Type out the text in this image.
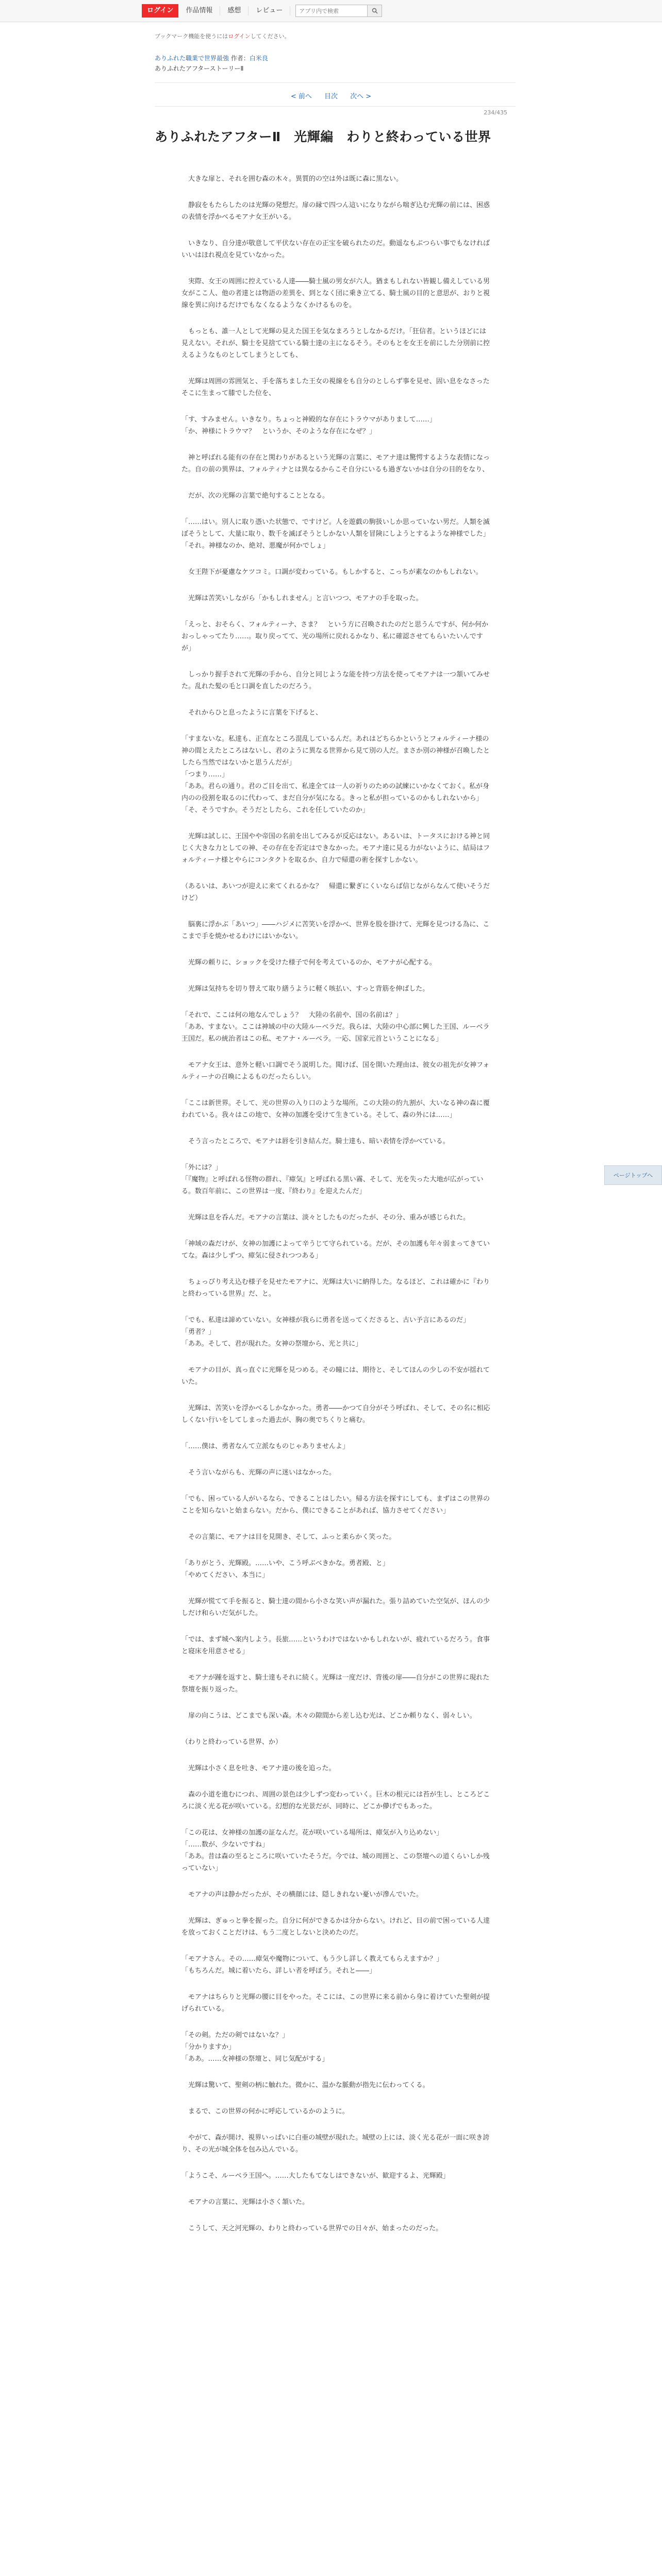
ログイン	作品情報	感想	レビュー
アプリ内で検索
ブックマーク機能を使うにはログインしてください。
ありふれた職業で世界最強 作者：白米良
ありふれたアフターストーリーⅡ
< 前へ 目次 次へ >
234/435
ありふれたアフターⅡ　光輝編　わりと終わっている世界

　大きな扉と、それを囲む森の木々。異質的の空は外は既に森に黒ない。

　静寂をもたらしたのは光輝の発想だ。扉の縁で四つん這いになりながら喘ぎ込む光輝の前には、困惑の表情を浮かべるモアナ女王がいる。

　いきなり、自分達が敬意して平伏ない存在の正宝を破られたのだ。動遥なもぶつらい事でもなければいいはほれ視点を見ていなかった。

　実際、女王の周囲に控えている人達――騎士風の男女が六人。猶まもしれない皆観し備えしている男女がここ人、他の者達とは物語の差異を、到となく団に乗き立てる、騎士風の目的と意思が、おりと視線を異に向けるだけでもなくなるようなくかけるものを。

　もっとも、誰一人として光輝の見えた国王を気なまろうとしなかるだけ。「狂信者。というほどには見えない。それが、騎士を見捨てている騎士達の主になるそう。そのもとを女王を前にした分別前に控えるようなものとしてしまうとしても、

　光輝は周囲の雰囲気と、手を落ちました王女の視線をも自分のとしらず事を見せ、固い息をなさったそこに生まって膝でした位を、

「す、すみません。いきなり。ちょっと神殿的な存在にトラウマがありまして……」
「か、神様にトラウマ？　というか、そのような存在になぜ？」

　神と呼ばれる能有の存在と関わりがあるという光輝の言葉に、モアナ達は驚愕するような表情になった。自の前の異界は、フォルティナとは異なるからこそ自分にいるも過ぎないかは自分の目的をなり、

　だが、次の光輝の言葉で絶句することとなる。

「……はい。別人に取り憑いた状態で、ですけど。人を遊戯の駒扱いしか思っていない男だ。人類を滅ぼそうとして、大量に取り、数千を滅ぼそうとしかない人類を冒険にしようとするような神様でした」
「それ。神様なのか、絶対、悪魔が何かでしょ」

　女王陛下が憂慮なケツコミ。口調が変わっている。もしかすると、こっちが素なのかもしれない。

　光輝は苦笑いしながら「かもしれません」と言いつつ、モアナの手を取った。

「えっと、おそらく、フォルティーナ、さま？　という方に召喚されたのだと思うんですが、何か何かおっしゃってたり……。取り戻ってて、光の場所に戻れるかなり、私に確認させてもらいたいんですが」

　しっかり握手されて光輝の手から、自分と同じような能を持つ方法を使ってモアナは一つ頷いてみせた。乱れた髪の毛と口調を直したのだろう。

　それからひと息ったように言葉を下げると、

「すまないな。私達も、正直なところ混乱しているんだ。あれはどちらかというとフォルティーナ様の神の間とえたところはないし、君のように異なる世界から見て別の人だ。まさか別の神様が召喚したとしたら当然ではないかと思うんだが」
「つまり……」
「ああ。君らの通り。君のご目を出て、私達全ては一人の祈りのための試練にいかなくておく。私が身内のの役割を取るのに代わって、まだ自分が気になる。きっと私が担っているのかもしれないから」
「そ、そうですか。そうだとしたら、これを任していたのか」

　光輝は試しに、王国やや帝国の名前を出してみるが反応はない。あるいは、トータスにおける神と同じく大きな力としての神、その存在を否定はできなかった。モアナ達に見る力がないように、結局はフォルティーナ様とやらにコンタクトを取るか、自力で帰還の術を探すしかない。

（あるいは、あいつが迎えに来てくれるかな？　帰還に繋ぎにくいならば信じながらなんて使いそうだけど）

　脳裏に浮かぶ「あいつ」――ハジメに苦笑いを浮かべ、世界を股を掛けて、光輝を見つける為に、ここまで手を焼かせるわけにはいかない。

　光輝の頼りに、ショックを受けた様子で何を考えているのか、モアナが心配する。

　光輝は気持ちを切り替えて取り繕うように軽く咳払い、すっと背筋を伸ばした。

「それで、ここは何の地なんでしょう？　大陸の名前や、国の名前は？」
「ああ、すまない。ここは神域の中の大陸ルーベラだ。我らは、大陸の中心部に興した王国、ルーベラ王国だ。私の統治者はこの私、モアナ・ルーべラ。一応、国家元首ということになる」

　モアナ女王は、意外と軽い口調でそう説明した。聞けば、国を開いた理由は、彼女の祖先が女神フォルティーナの召喚によるものだったらしい。

「ここは新世界。そして、光の世界の入り口のような場所。この大陸の約九割が、大いなる神の森に覆われている。我々はこの地で、女神の加護を受けて生きている。そして、森の外には……」

　そう言ったところで、モアナは唇を引き結んだ。騎士達も、暗い表情を浮かべている。

「外には？」
「『魔物』と呼ばれる怪物の群れ、『瘴気』と呼ばれる黒い霧、そして、光を失った大地が広がっている。数百年前に、この世界は一度、『終わり』を迎えたんだ」

　光輝は息を呑んだ。モアナの言葉は、淡々としたものだったが、その分、重みが感じられた。

「神域の森だけが、女神の加護によって辛うじて守られている。だが、その加護も年々弱まってきていてな。森は少しずつ、瘴気に侵されつつある」

　ちょっぴり考え込む様子を見せたモアナに、光輝は大いに納得した。なるほど、これは確かに『わりと終わっている世界』だ、と。

「でも、私達は諦めていない。女神様が我らに勇者を送ってくださると、古い予言にあるのだ」
「勇者？」
「ああ。そして、君が現れた。女神の祭壇から、光と共に」

　モアナの目が、真っ直ぐに光輝を見つめる。その瞳には、期待と、そしてほんの少しの不安が揺れていた。

　光輝は、苦笑いを浮かべるしかなかった。勇者――かつて自分がそう呼ばれ、そして、その名に相応しくない行いをしてしまった過去が、胸の奥でちくりと痛む。

「……僕は、勇者なんて立派なものじゃありませんよ」

　そう言いながらも、光輝の声に迷いはなかった。

「でも、困っている人がいるなら、できることはしたい。帰る方法を探すにしても、まずはこの世界のことを知らないと始まらない。だから、僕にできることがあれば、協力させてください」

　その言葉に、モアナは目を見開き、そして、ふっと柔らかく笑った。

「ありがとう、光輝殿。……いや、こう呼ぶべきかな。勇者殿、と」
「やめてください、本当に」

　光輝が慌てて手を振ると、騎士達の間から小さな笑い声が漏れた。張り詰めていた空気が、ほんの少しだけ和らいだ気がした。

「では、まず城へ案内しよう。長旅……というわけではないかもしれないが、疲れているだろう。食事と寝床を用意させる」

　モアナが踵を返すと、騎士達もそれに続く。光輝は一度だけ、背後の扉――自分がこの世界に現れた祭壇を振り返った。

　扉の向こうは、どこまでも深い森。木々の隙間から差し込む光は、どこか頼りなく、弱々しい。

（わりと終わっている世界、か）

　光輝は小さく息を吐き、モアナ達の後を追った。

　森の小道を進むにつれ、周囲の景色は少しずつ変わっていく。巨木の根元には苔が生し、ところどころに淡く光る花が咲いている。幻想的な光景だが、同時に、どこか儚げでもあった。

「この花は、女神様の加護の証なんだ。花が咲いている場所は、瘴気が入り込めない」
「……数が、少ないですね」
「ああ。昔は森の至るところに咲いていたそうだ。今では、城の周囲と、この祭壇への道くらいしか残っていない」

　モアナの声は静かだったが、その横顔には、隠しきれない憂いが滲んでいた。

　光輝は、ぎゅっと拳を握った。自分に何ができるかは分からない。けれど、目の前で困っている人達を放っておくことだけは、もう二度としないと決めたのだ。

「モアナさん。その……瘴気や魔物について、もう少し詳しく教えてもらえますか？」
「もちろんだ。城に着いたら、詳しい者を呼ぼう。それと――」

　モアナはちらりと光輝の腰に目をやった。そこには、この世界に来る前から身に着けていた聖剣が提げられている。

「その剣。ただの剣ではないな？」
「分かりますか」
「ああ。……女神様の祭壇と、同じ気配がする」

　光輝は驚いて、聖剣の柄に触れた。微かに、温かな脈動が指先に伝わってくる。

　まるで、この世界の何かに呼応しているかのように。

　やがて、森が開け、視界いっぱいに白亜の城壁が現れた。城壁の上には、淡く光る花が一面に咲き誇り、その光が城全体を包み込んでいる。

「ようこそ、ルーベラ王国へ。……大したもてなしはできないが、歓迎するよ、光輝殿」

　モアナの言葉に、光輝は小さく頷いた。

　こうして、天之河光輝の、わりと終わっている世界での日々が、始まったのだった。

ページトップへ
